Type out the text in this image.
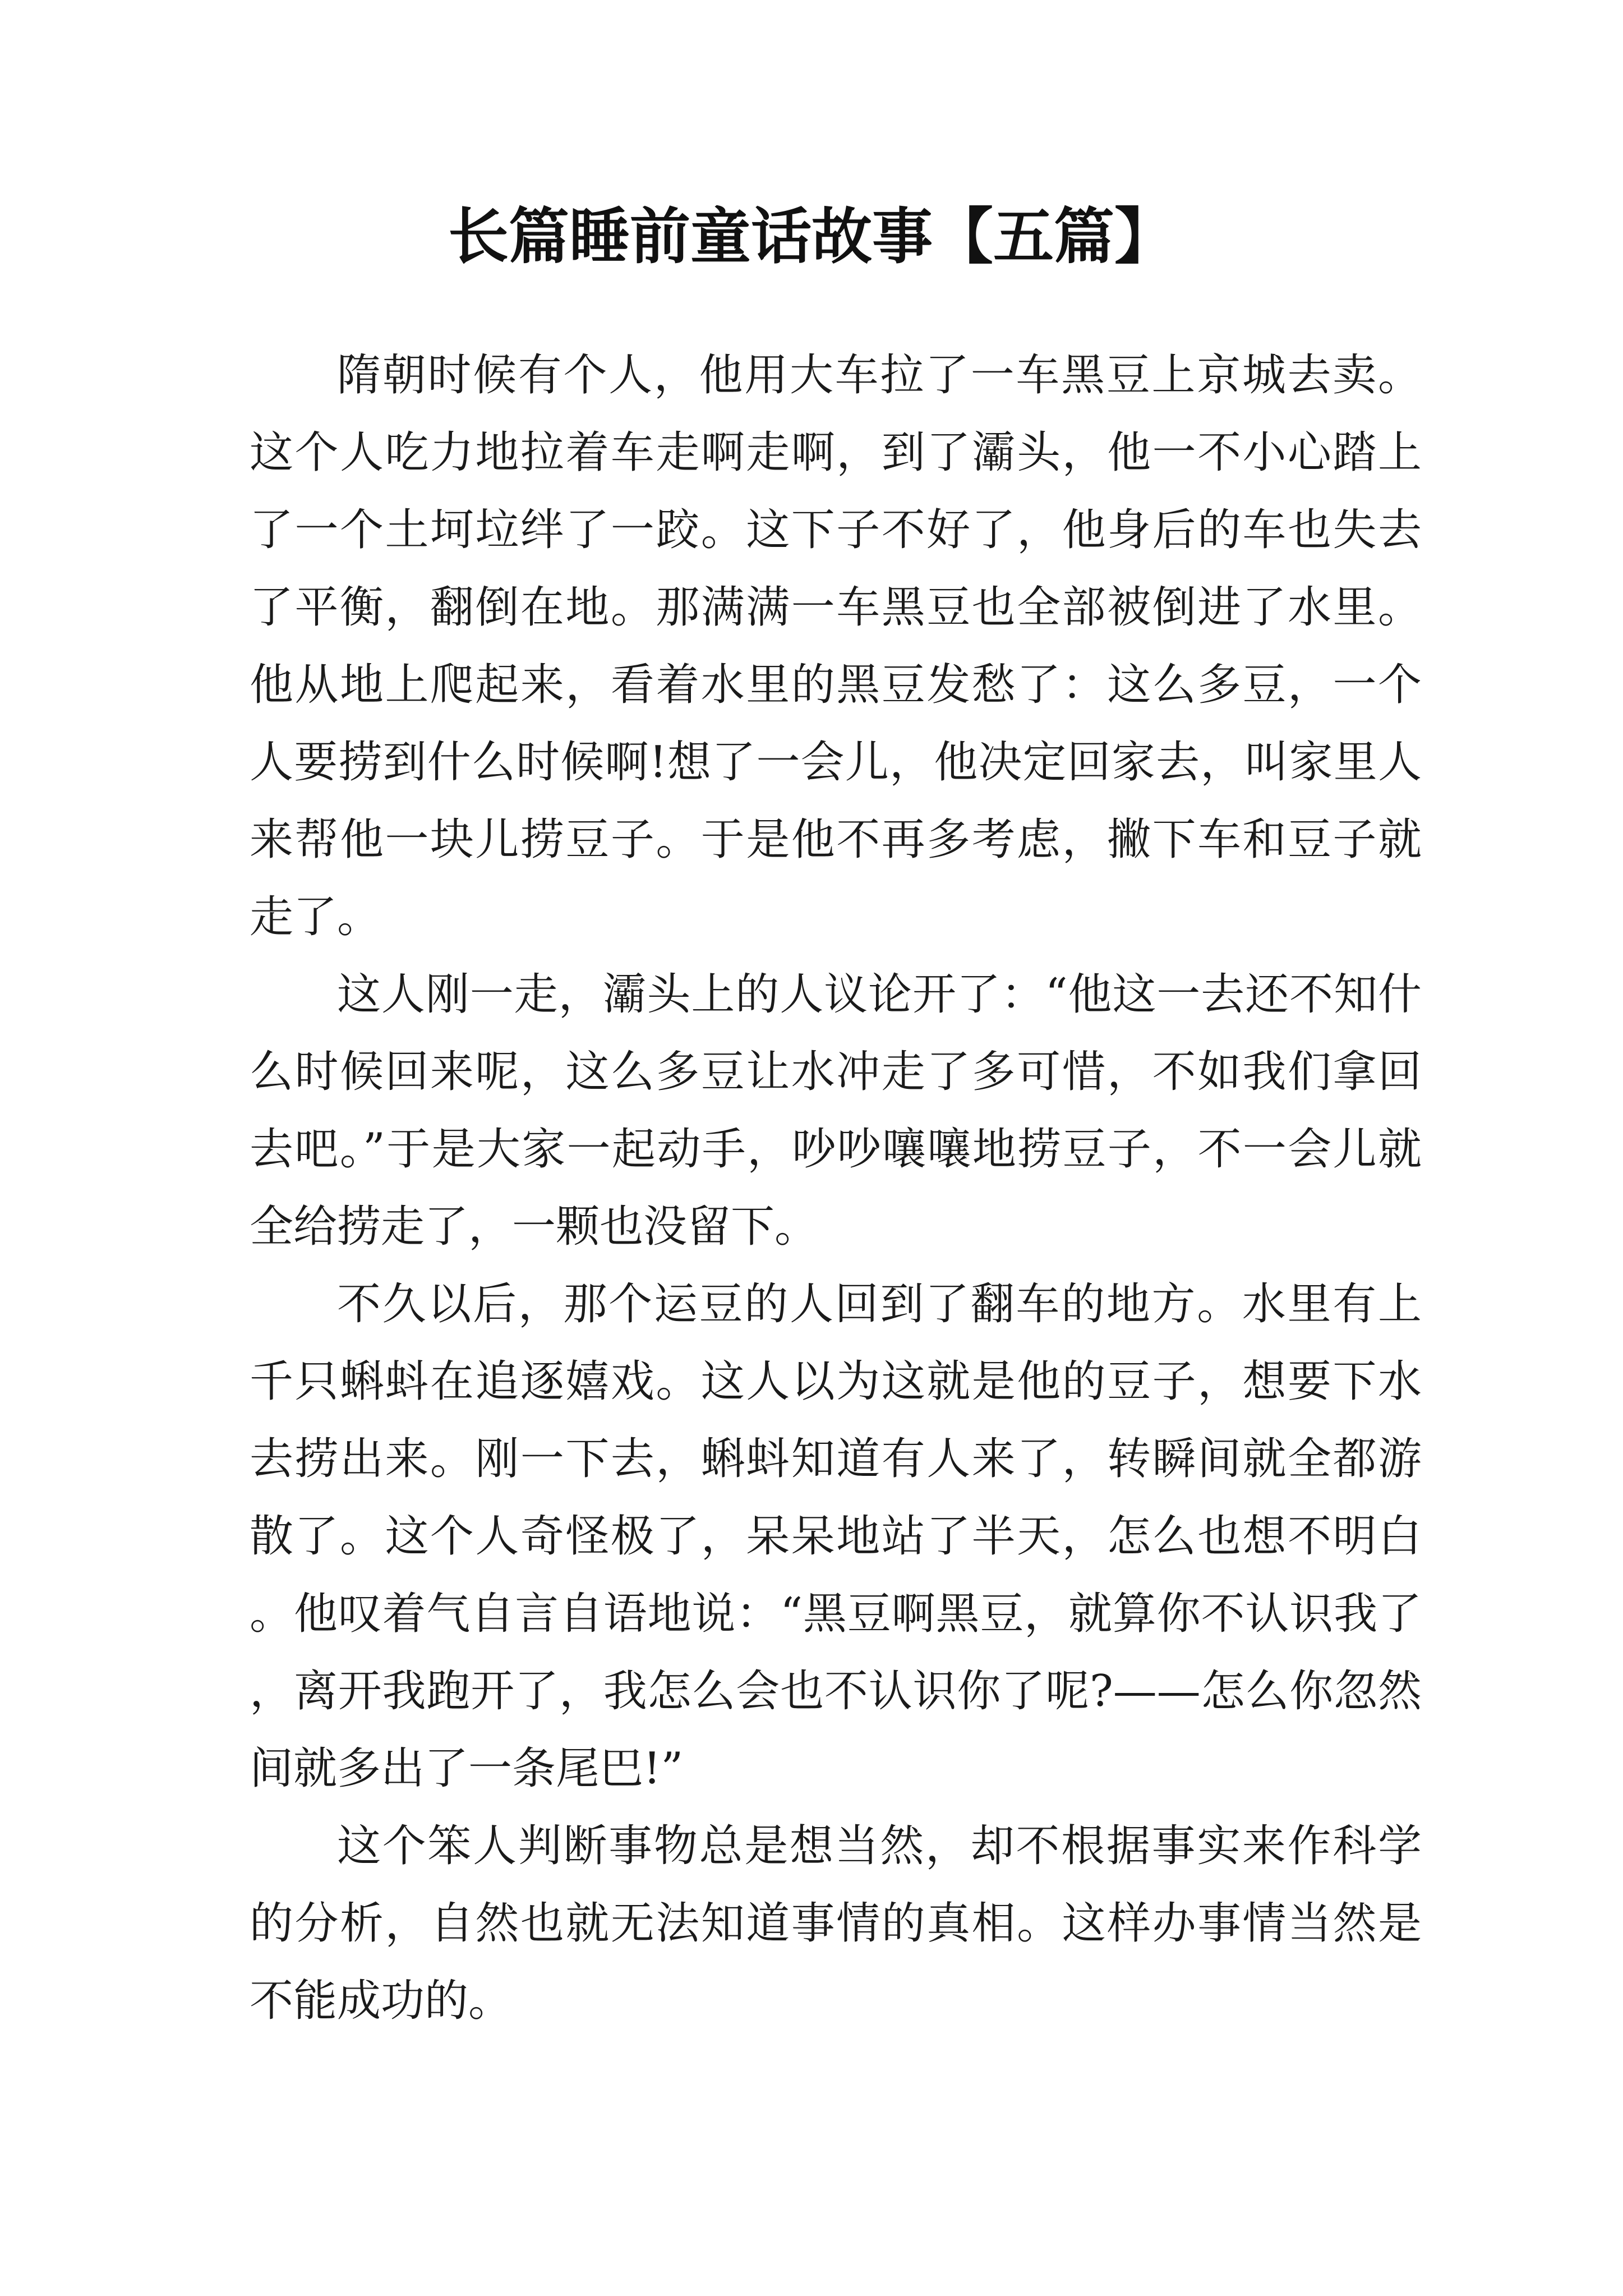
长篇睡前童话故事【五篇】

隋朝时候有个人，他用大车拉了一车黑豆上京城去卖。这个人吃力地拉着车走啊走啊，到了灞头，他一不小心踏上了一个土坷垃绊了一跤。这下子不好了，他身后的车也失去了平衡，翻倒在地。那满满一车黑豆也全部被倒进了水里。他从地上爬起来，看着水里的黑豆发愁了：这么多豆，一个人要捞到什么时候啊!想了一会儿，他决定回家去，叫家里人来帮他一块儿捞豆子。于是他不再多考虑，撇下车和豆子就走了。

这人刚一走，灞头上的人议论开了：“他这一去还不知什么时候回来呢，这么多豆让水冲走了多可惜，不如我们拿回去吧。”于是大家一起动手，吵吵嚷嚷地捞豆子，不一会儿就全给捞走了，一颗也没留下。

不久以后，那个运豆的人回到了翻车的地方。水里有上千只蝌蚪在追逐嬉戏。这人以为这就是他的豆子，想要下水去捞出来。刚一下去，蝌蚪知道有人来了，转瞬间就全都游散了。这个人奇怪极了，呆呆地站了半天，怎么也想不明白。他叹着气自言自语地说：“黑豆啊黑豆，就算你不认识我了，离开我跑开了，我怎么会也不认识你了呢?——怎么你忽然间就多出了一条尾巴!”

这个笨人判断事物总是想当然，却不根据事实来作科学的分析，自然也就无法知道事情的真相。这样办事情当然是不能成功的。
